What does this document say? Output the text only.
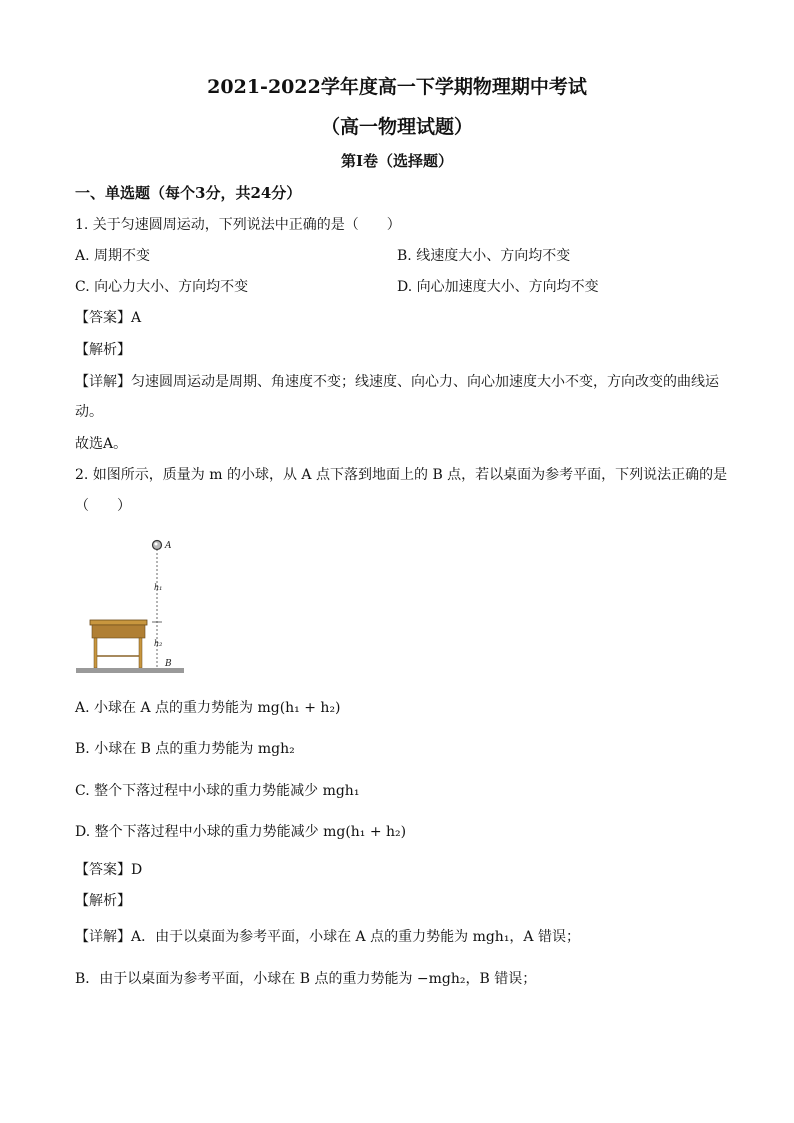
2021-2022学年度高一下学期物理期中考试
（高一物理试题）
第I卷（选择题）
一、单选题（每个3分，共24分）
1. 关于匀速圆周运动，下列说法中正确的是（　　）
A. 周期不变	B. 线速度大小、方向均不变
C. 向心力大小、方向均不变	D. 向心加速度大小、方向均不变
【答案】A
【解析】
【详解】匀速圆周运动是周期、角速度不变；线速度、向心力、向心加速度大小不变，方向改变的曲线运
动。
故选A。
2. 如图所示，质量为 m 的小球，从 A 点下落到地面上的 B 点，若以桌面为参考平面，下列说法正确的是
（　　）
A
h₁
h₂
B
A. 小球在 A 点的重力势能为 mg(h₁ + h₂)
B. 小球在 B 点的重力势能为 mgh₂
C. 整个下落过程中小球的重力势能减少 mgh₁
D. 整个下落过程中小球的重力势能减少 mg(h₁ + h₂)
【答案】D
【解析】
【详解】A．由于以桌面为参考平面，小球在 A 点的重力势能为 mgh₁，A 错误；
B．由于以桌面为参考平面，小球在 B 点的重力势能为 −mgh₂，B 错误；
